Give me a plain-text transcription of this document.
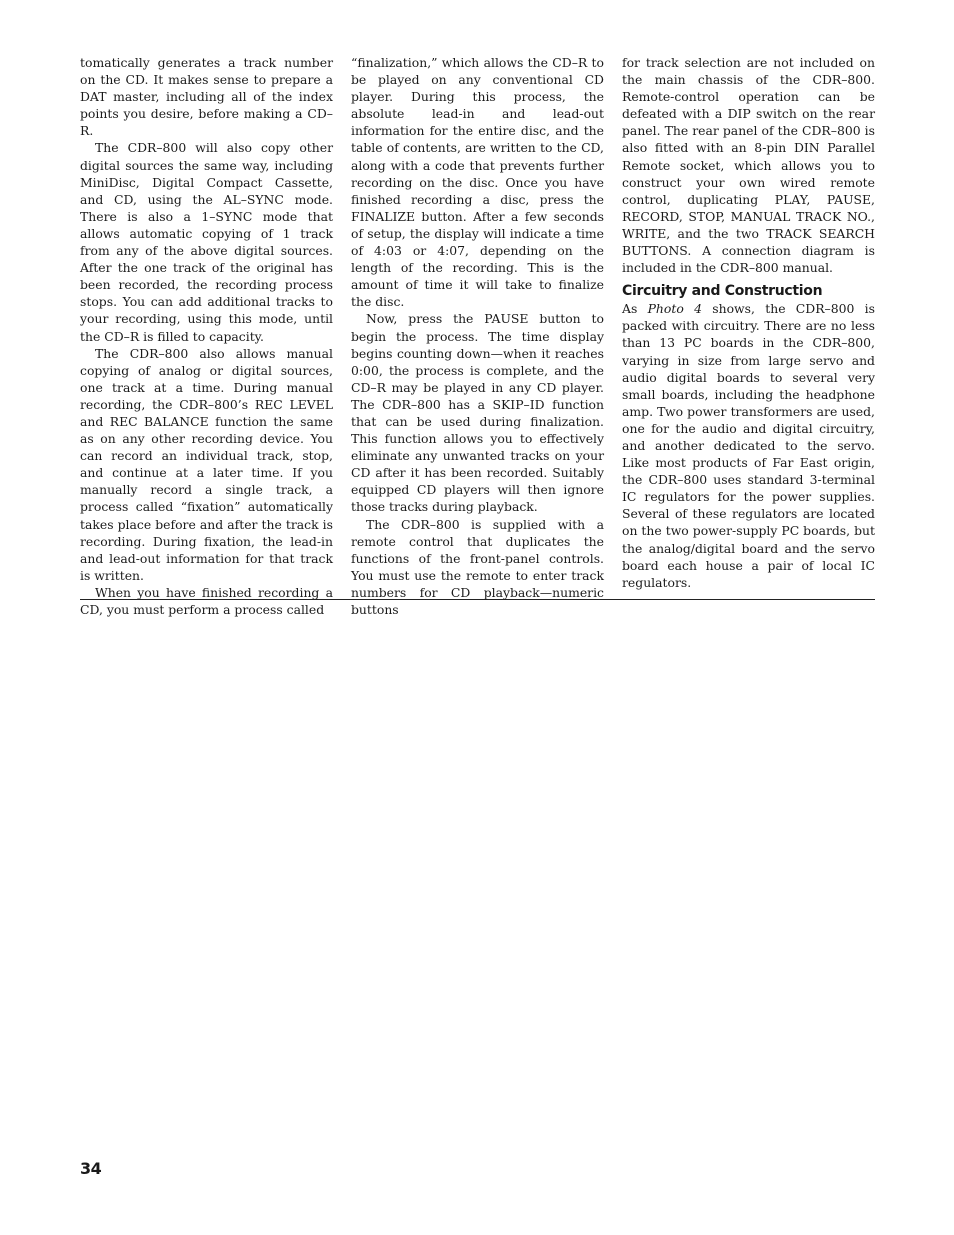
tomatically generates a track number on the CD. It makes sense to prepare a DAT master, including all of the index points you desire, before making a CD–R.

The CDR–800 will also copy other digital sources the same way, including MiniDisc, Digital Compact Cassette, and CD, using the AL–SYNC mode. There is also a 1–SYNC mode that allows automatic copying of 1 track from any of the above digital sources. After the one track of the original has been recorded, the recording process stops. You can add additional tracks to your recording, using this mode, until the CD–R is filled to capacity.

The CDR–800 also allows manual copying of analog or digital sources, one track at a time. During manual recording, the CDR–800’s REC LEVEL and REC BALANCE function the same as on any other recording device. You can record an individual track, stop, and continue at a later time. If you manually record a single track, a process called “fixation” automatically takes place before and after the track is recording. During fixation, the lead-in and lead-out information for that track is written.

When you have finished recording a CD, you must perform a process called

“finalization,” which allows the CD–R to be played on any conventional CD player. During this process, the absolute lead-in and lead-out information for the entire disc, and the table of contents, are written to the CD, along with a code that prevents further recording on the disc. Once you have finished recording a disc, press the FINALIZE button. After a few seconds of setup, the display will indicate a time of 4:03 or 4:07, depending on the length of the recording. This is the amount of time it will take to finalize the disc.

Now, press the PAUSE button to begin the process. The time display begins counting down—when it reaches 0:00, the process is complete, and the CD–R may be played in any CD player. The CDR–800 has a SKIP–ID function that can be used during finalization. This function allows you to effectively eliminate any unwanted tracks on your CD after it has been recorded. Suitably equipped CD players will then ignore those tracks during playback.

The CDR–800 is supplied with a remote control that duplicates the functions of the front-panel controls. You must use the remote to enter track numbers for CD playback—numeric buttons

for track selection are not included on the main chassis of the CDR–800. Remote-control operation can be defeated with a DIP switch on the rear panel. The rear panel of the CDR–800 is also fitted with an 8-pin DIN Parallel Remote socket, which allows you to construct your own wired remote control, duplicating PLAY, PAUSE, RECORD, STOP, MANUAL TRACK NO., WRITE, and the two TRACK SEARCH BUTTONS. A connection diagram is included in the CDR–800 manual.

Circuitry and Construction

As Photo 4 shows, the CDR–800 is packed with circuitry. There are no less than 13 PC boards in the CDR–800, varying in size from large servo and audio digital boards to several very small boards, including the headphone amp. Two power transformers are used, one for the audio and digital circuitry, and another dedicated to the servo. Like most products of Far East origin, the CDR–800 uses standard 3-terminal IC regulators for the power supplies. Several of these regulators are located on the two power-supply PC boards, but the analog/digital board and the servo board each house a pair of local IC regulators.

34
